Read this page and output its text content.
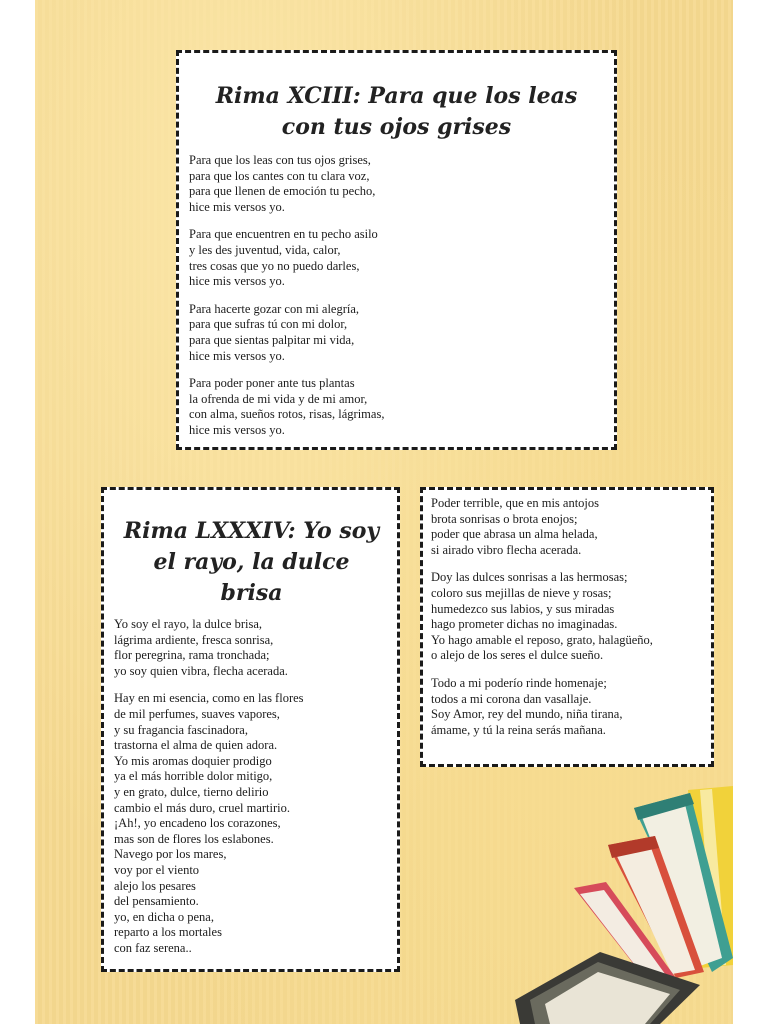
Rima XCIII: Para que los leas
con tus ojos grises

Para que los leas con tus ojos grises,
para que los cantes con tu clara voz,
para que llenen de emoción tu pecho,
hice mis versos yo.

Para que encuentren en tu pecho asilo
y les des juventud, vida, calor,
tres cosas que yo no puedo darles,
hice mis versos yo.

Para hacerte gozar con mi alegría,
para que sufras tú con mi dolor,
para que sientas palpitar mi vida,
hice mis versos yo.

Para poder poner ante tus plantas
la ofrenda de mi vida y de mi amor,
con alma, sueños rotos, risas, lágrimas,
hice mis versos yo.

Rima LXXXIV: Yo soy
el rayo, la dulce
brisa

Yo soy el rayo, la dulce brisa,
lágrima ardiente, fresca sonrisa,
flor peregrina, rama tronchada;
yo soy quien vibra, flecha acerada.

Hay en mi esencia, como en las flores
de mil perfumes, suaves vapores,
y su fragancia fascinadora,
trastorna el alma de quien adora.
Yo mis aromas doquier prodigo
ya el más horrible dolor mitigo,
y en grato, dulce, tierno delirio
cambio el más duro, cruel martirio.
¡Ah!, yo encadeno los corazones,
mas son de flores los eslabones.
Navego por los mares,
voy por el viento
alejo los pesares
del pensamiento.
yo, en dicha o pena,
reparto a los mortales
con faz serena..

Poder terrible, que en mis antojos
brota sonrisas o brota enojos;
poder que abrasa un alma helada,
si airado vibro flecha acerada.

Doy las dulces sonrisas a las hermosas;
coloro sus mejillas de nieve y rosas;
humedezco sus labios, y sus miradas
hago prometer dichas no imaginadas.
Yo hago amable el reposo, grato, halagüeño,
o alejo de los seres el dulce sueño.

Todo a mi poderío rinde homenaje;
todos a mi corona dan vasallaje.
Soy Amor, rey del mundo, niña tirana,
ámame, y tú la reina serás mañana.
